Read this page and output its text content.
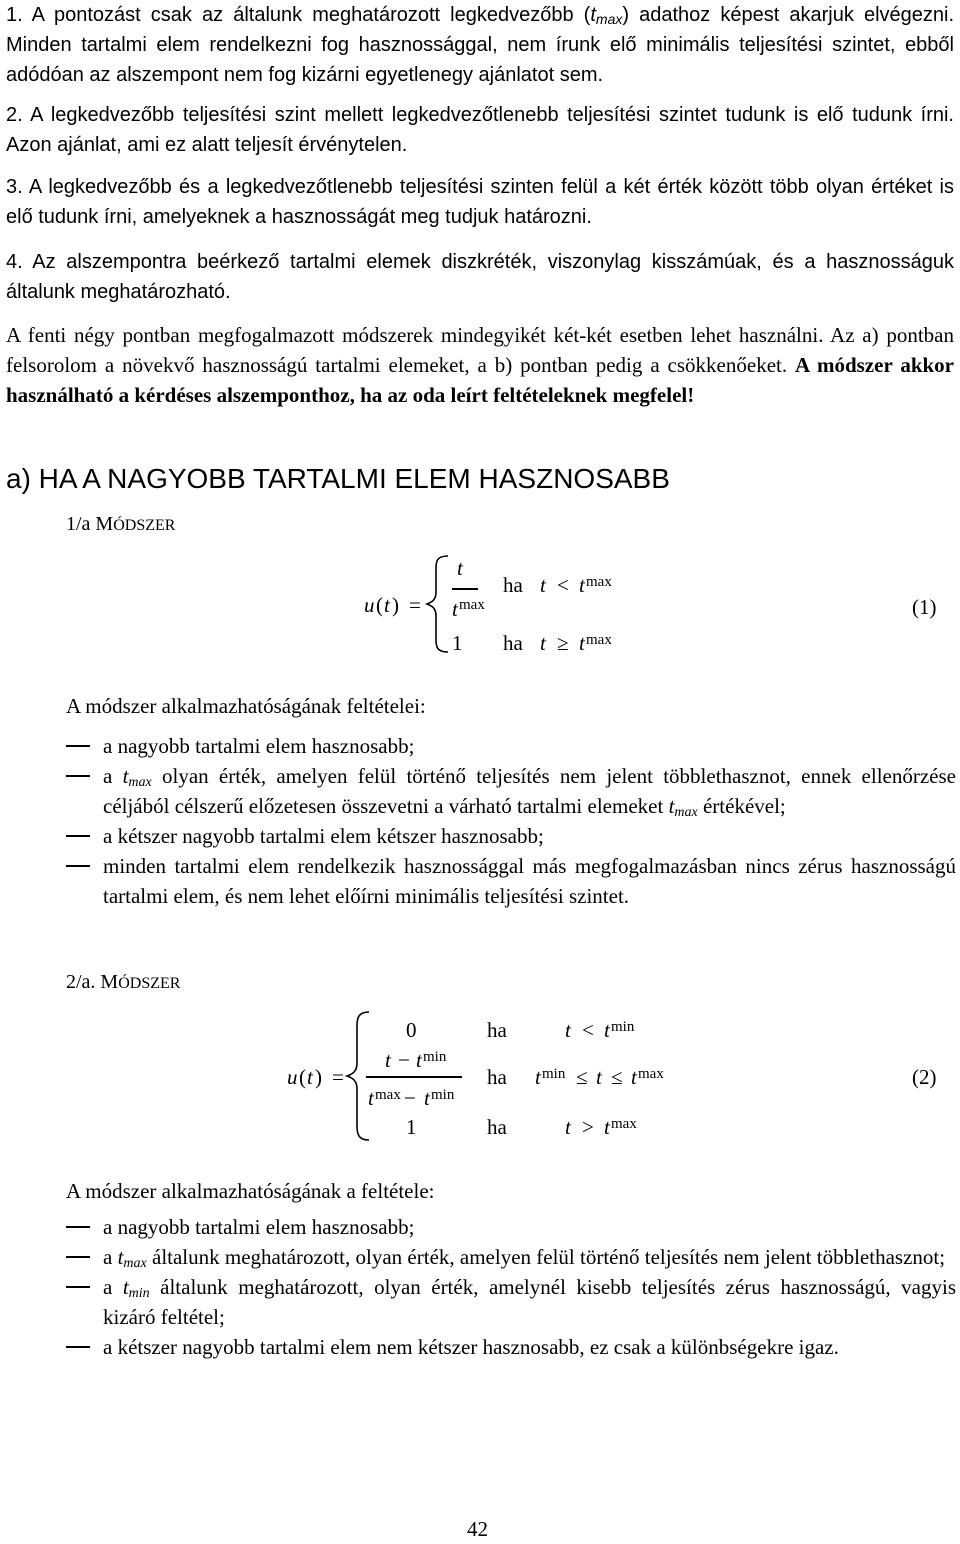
1. A pontozást csak az általunk meghatározott legkedvezőbb $(t_{max})$ adathoz képest akarjuk elvégezni. Minden tartalmi elem rendelkezni fog hasznossággal, nem írunk elő minimális teljesítési szintet, ebből adódóan az alszempont nem fog kizárni egyetlenegy ajánlatot sem.

2. A legkedvezőbb teljesítési szint mellett legkedvezőtlenebb teljesítési szintet tudunk is elő tudunk írni. Azon ajánlat, ami ez alatt teljesít érvénytelen.

3. A legkedvezőbb és a legkedvezőtlenebb teljesítési szinten felül a két érték között több olyan értéket is elő tudunk írni, amelyeknek a hasznosságát meg tudjuk határozni.

4. Az alszempontra beérkező tartalmi elemek diszkréték, viszonylag kisszámúak, és a hasznosságuk általunk meghatározható.

A fenti négy pontban megfogalmazott módszerek mindegyikét két-két esetben lehet használni. Az a) pontban felsorolom a növekvő hasznosságú tartalmi elemeket, a b) pontban pedig a csökkenőeket. A módszer akkor használható a kérdéses alszemponthoz, ha az oda leírt feltételeknek megfelel!

a) HA A NAGYOBB TARTALMI ELEM HASZNOSABB
1/a MÓDSZER
u ( t ) =
t
t max
ha t < t max
1 ha t ≥ t max
(1)
A módszer alkalmazhatóságának feltételei:
a nagyobb tartalmi elem hasznosabb;
a $t_{max}$ olyan érték, amelyen felül történő teljesítés nem jelent többlethasznot, ennek ellenőrzése céljából célszerű előzetesen összevetni a várható tartalmi elemeket $t_{max}$ értékével;
a kétszer nagyobb tartalmi elem kétszer hasznosabb;
minden tartalmi elem rendelkezik hasznossággal más megfogalmazásban nincs zérus hasznosságú tartalmi elem, és nem lehet előírni minimális teljesítési szintet.
2/a. MÓDSZER
u ( t ) =
0	ha	t < t min
t − t min
t max − t min
ha t min ≤ t ≤ t max
1	ha	t > t max
(2)
A módszer alkalmazhatóságának a feltétele:
a nagyobb tartalmi elem hasznosabb;
a $t_{max}$ általunk meghatározott, olyan érték, amelyen felül történő teljesítés nem jelent többlethasznot;
a $t_{min}$ általunk meghatározott, olyan érték, amelynél kisebb teljesítés zérus hasznosságú, vagyis kizáró feltétel;
a kétszer nagyobb tartalmi elem nem kétszer hasznosabb, ez csak a különbségekre igaz.
42
